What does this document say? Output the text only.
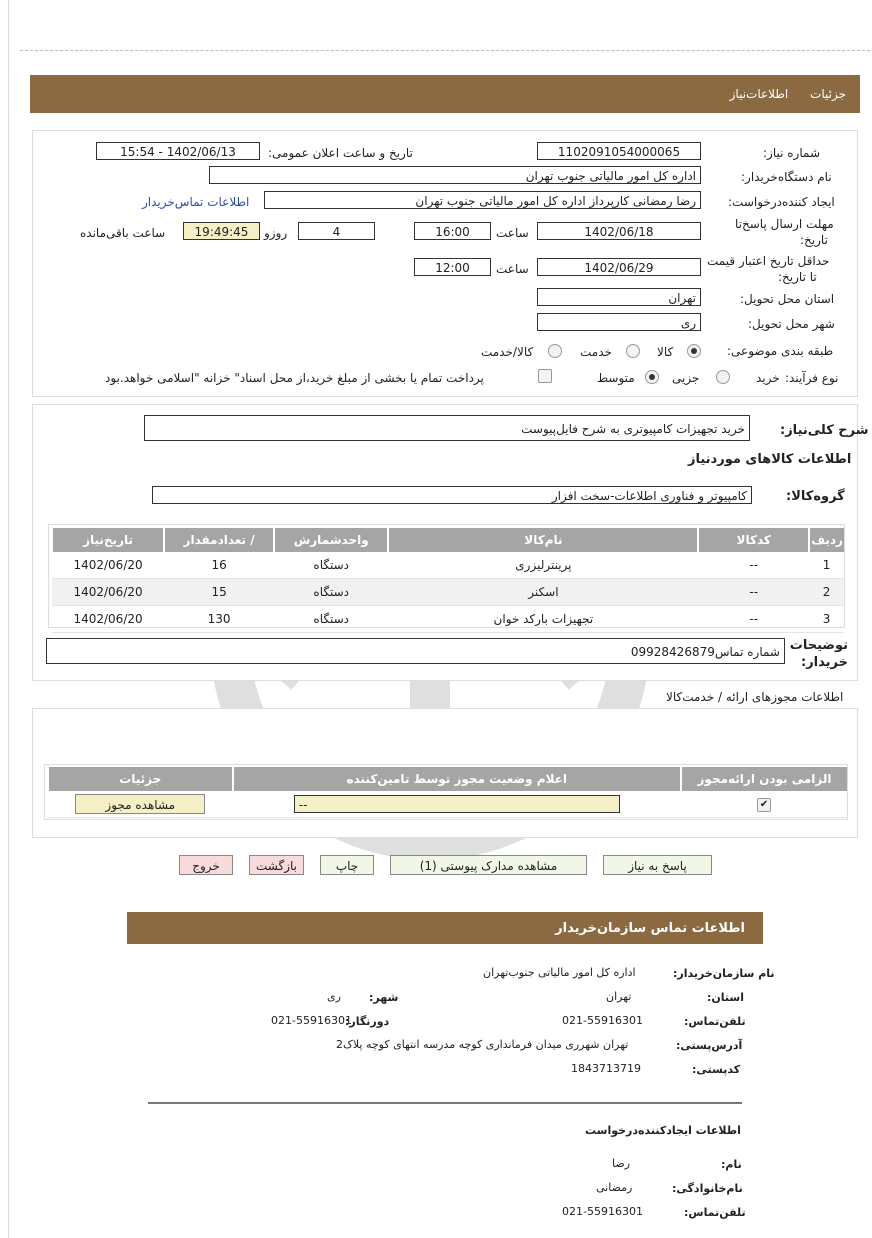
جزئیات اطلاعات‌نیاز
شماره نیاز:
1102091054000065
تاریخ و ساعت اعلان عمومی:
1402/06/13 - 15:54
نام دستگاه‌خریدار:
اداره کل امور مالیاتی جنوب تهران
ایجاد کننده‌درخواست:
رضا رمضانی کارپرداز اداره کل امور مالیاتی جنوب تهران
اطلاعات تماس‌خریدار
مهلت ارسال پاسخ‌تا
تاریخ:
1402/06/18
ساعت
16:00
4
روزو
19:49:45
ساعت باقی‌مانده
حداقل تاریخ اعتبار قیمت
تا تاریخ:
1402/06/29
ساعت
12:00
استان محل تحویل:
تهران
شهر محل تحویل:
ری
طبقه بندی موضوعی:
کالا
خدمت
کالا/خدمت
نوع فرآیند:
خرید
جزیی
متوسط
پرداخت تمام یا بخشی از مبلغ خرید،از محل اسناد" خزانه "اسلامی خواهد.بود
شرح کلی‌نیاز:
خرید تجهیزات کامپیوتری به شرح فایل‌پیوست
اطلاعات کالاهای موردنیاز
گروه‌کالا:
کامپیوتر و فناوری اطلاعات-سخت افزار
ردیف	کدکالا	نام‌کالا	واحدشمارش	/ تعدادمقدار	تاریخ‌نیاز
1	--	پرینترلیزری	دستگاه	16	1402/06/20
2	--	اسکنر	دستگاه	15	1402/06/20
3	--	تجهیزات بارکد خوان	دستگاه	130	1402/06/20
توضیحات خریدار:
شماره تماس09928426879
اطلاعات مجوزهای ارائه / خدمت‌کالا
الزامی بودن ارائه‌مجوز	اعلام وضعیت مجوز توسط تامین‌کننده	جزئیات
✔	--	مشاهده مجوز
پاسخ به نیاز
مشاهده مدارک پیوستی (1)
چاپ
بازگشت
خروج
اطلاعات تماس سازمان‌خریدار
نام سازمان‌خریدار:
اداره کل امور مالیاتی جنوب‌تهران
استان:
تهران
شهر:
ری
تلفن‌تماس:
021-55916301
دورنگار:
021-55916301
آدرس‌پستی:
تهران شهرری میدان فرمانداری کوچه مدرسه انتهای کوچه پلاک2
کدپستی:
1843713719
اطلاعات ایجادکننده‌درخواست
نام:
رضا
نام‌خانوادگی:
رمضانی
تلفن‌تماس:
021-55916301
